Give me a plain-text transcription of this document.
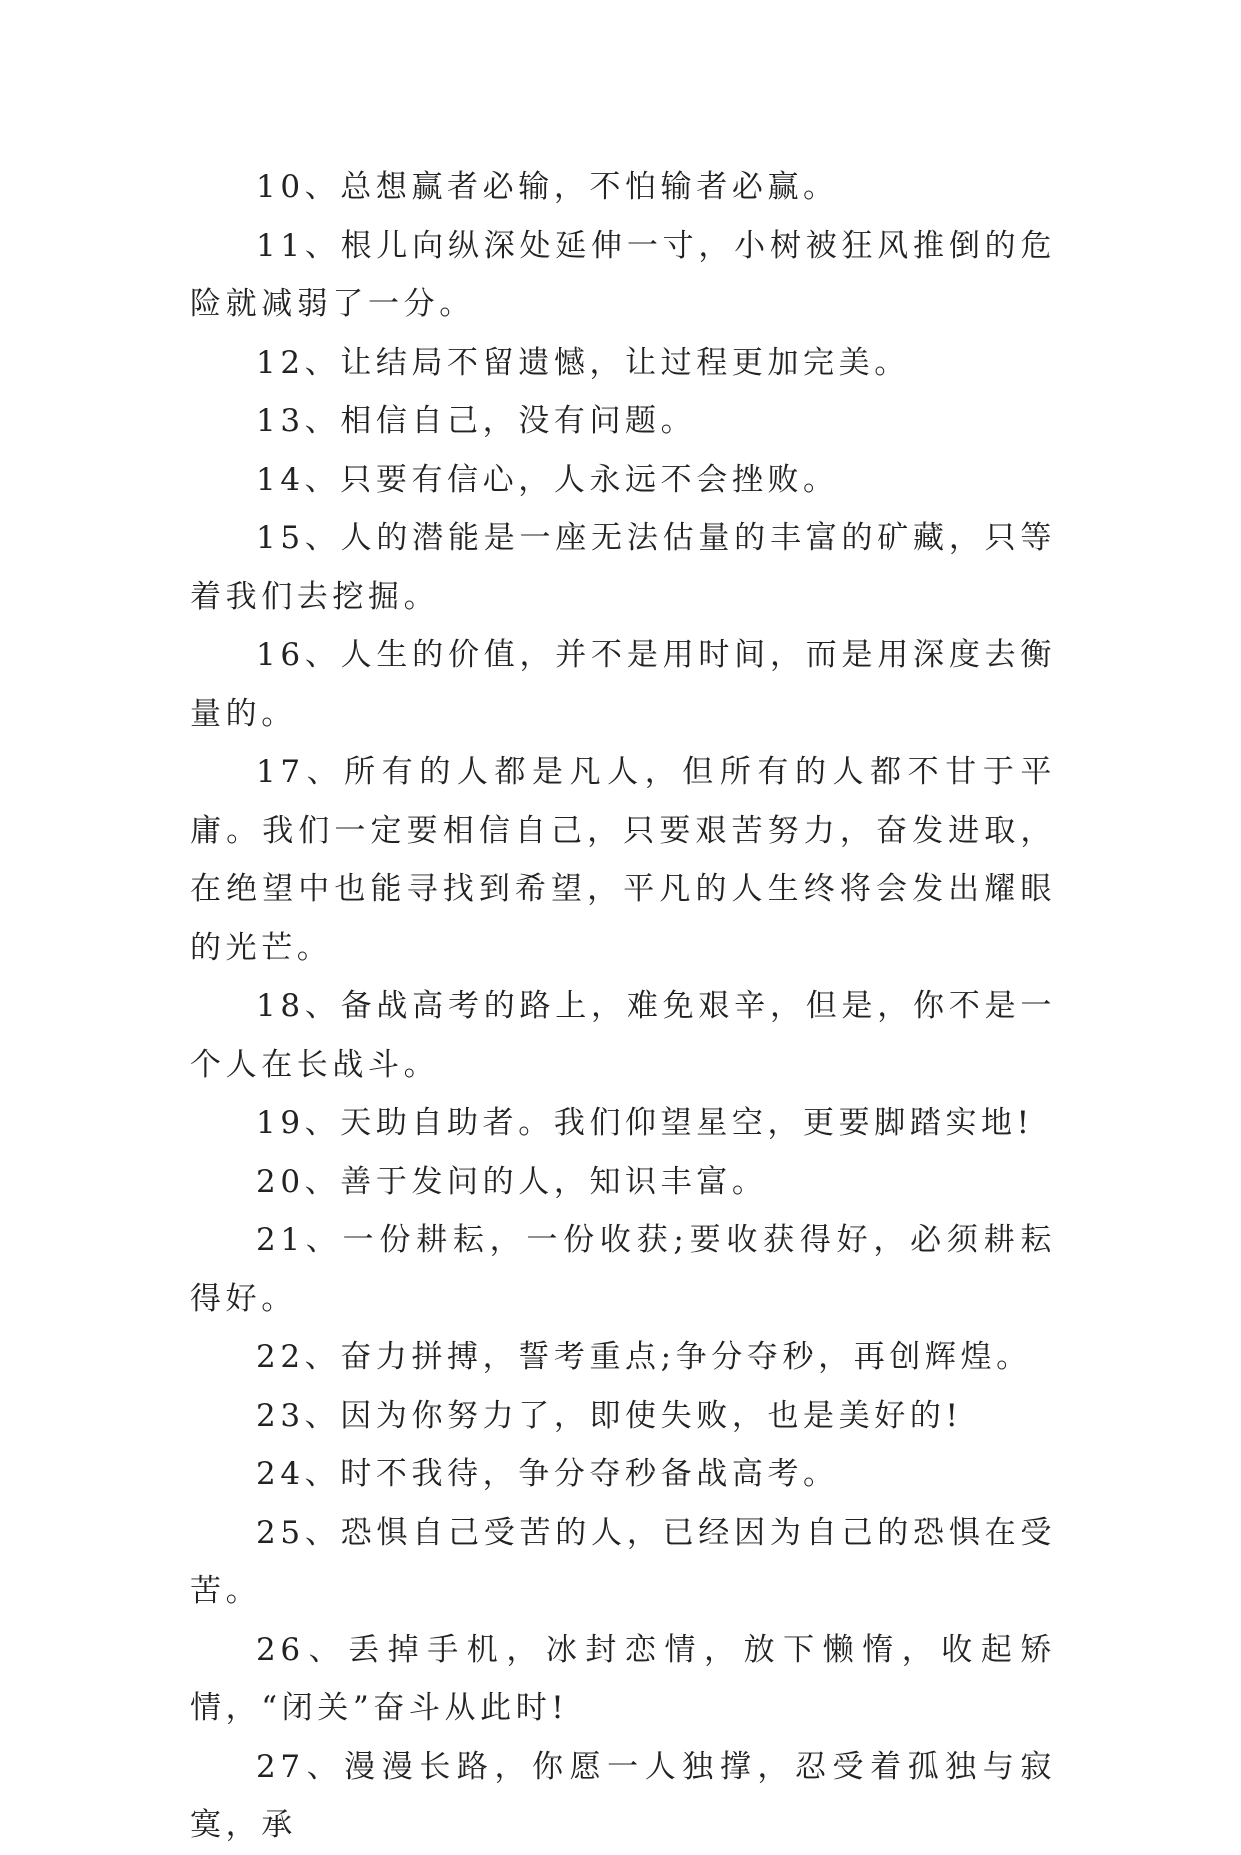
10、总想赢者必输，不怕输者必赢。

11、根儿向纵深处延伸一寸，小树被狂风推倒的危险就减弱了一分。

12、让结局不留遗憾，让过程更加完美。

13、相信自己，没有问题。

14、只要有信心，人永远不会挫败。

15、人的潜能是一座无法估量的丰富的矿藏，只等着我们去挖掘。

16、人生的价值，并不是用时间，而是用深度去衡量的。

17、所有的人都是凡人，但所有的人都不甘于平庸。我们一定要相信自己，只要艰苦努力，奋发进取，在绝望中也能寻找到希望，平凡的人生终将会发出耀眼的光芒。

18、备战高考的路上，难免艰辛，但是，你不是一个人在长战斗。

19、天助自助者。我们仰望星空，更要脚踏实地!

20、善于发问的人，知识丰富。

21、一份耕耘，一份收获;要收获得好，必须耕耘得好。

22、奋力拼搏，誓考重点;争分夺秒，再创辉煌。

23、因为你努力了，即使失败，也是美好的!

24、时不我待，争分夺秒备战高考。

25、恐惧自己受苦的人，已经因为自己的恐惧在受苦。

26、丢掉手机，冰封恋情，放下懒惰，收起矫情，“闭关”奋斗从此时!

27、漫漫长路，你愿一人独撑，忍受着孤独与寂寞，承
